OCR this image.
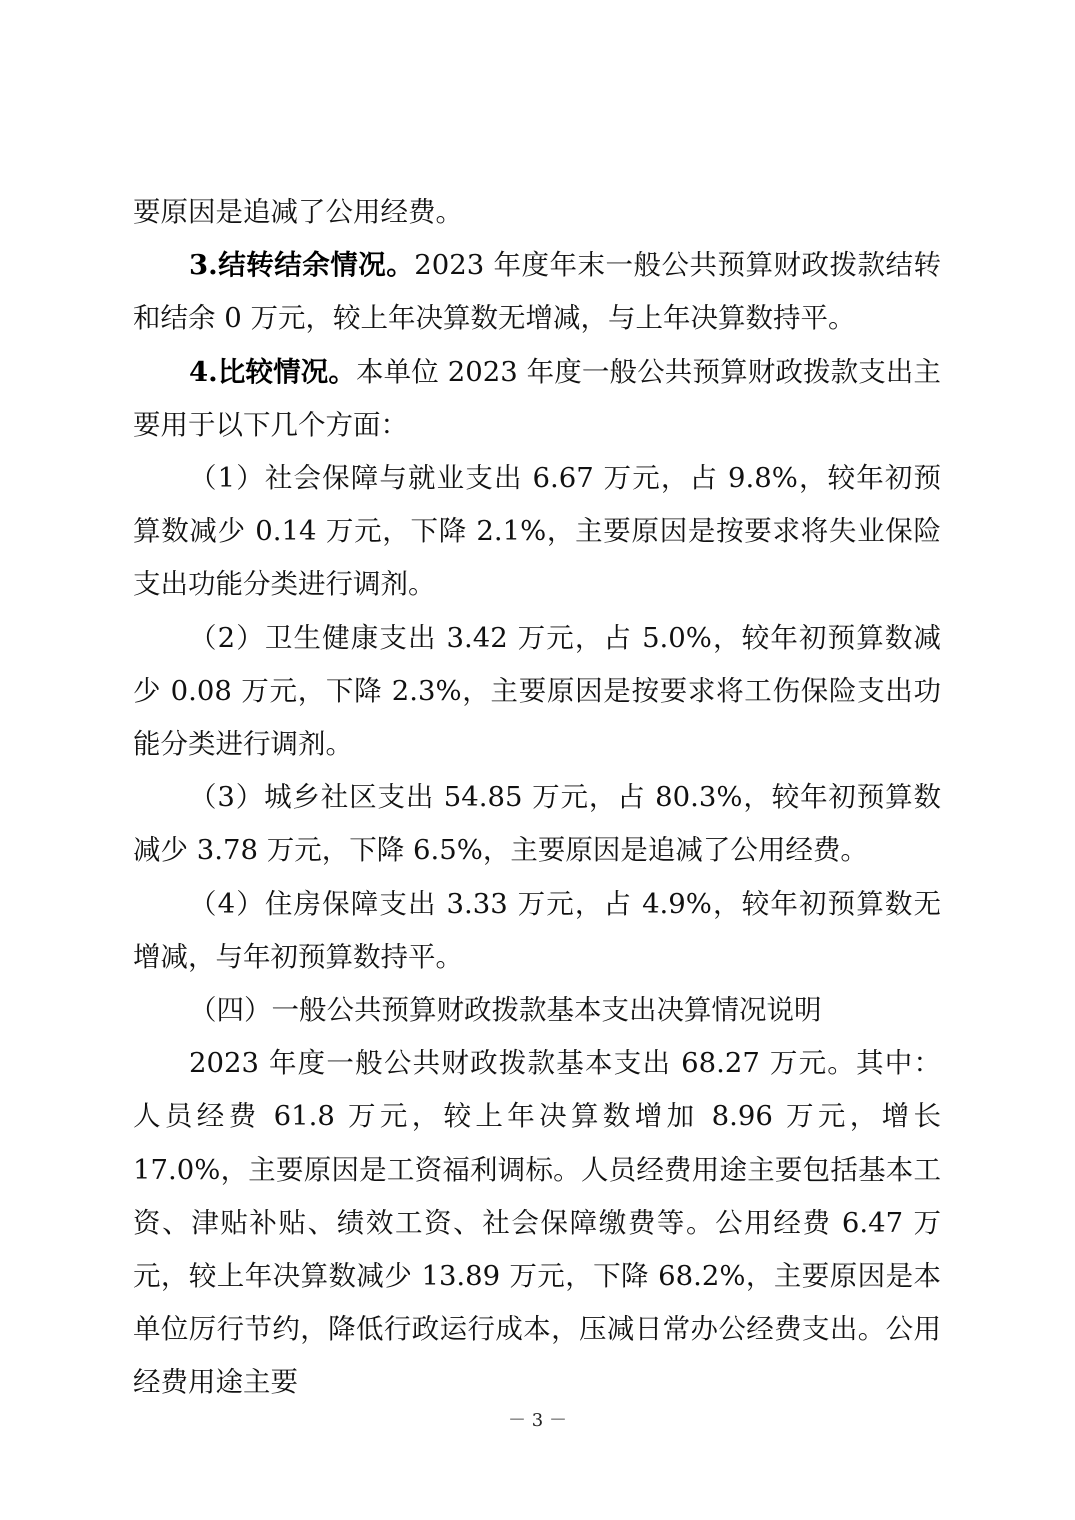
要原因是追减了公用经费。

3.结转结余情况。2023 年度年末一般公共预算财政拨款结转和结余 0 万元，较上年决算数无增减，与上年决算数持平。

4.比较情况。本单位 2023 年度一般公共预算财政拨款支出主要用于以下几个方面：

（1）社会保障与就业支出 6.67 万元，占 9.8%，较年初预算数减少 0.14 万元，下降 2.1%，主要原因是按要求将失业保险支出功能分类进行调剂。

（2）卫生健康支出 3.42 万元，占 5.0%，较年初预算数减少 0.08 万元，下降 2.3%，主要原因是按要求将工伤保险支出功能分类进行调剂。

（3）城乡社区支出 54.85 万元，占 80.3%，较年初预算数减少 3.78 万元，下降 6.5%，主要原因是追减了公用经费。

（4）住房保障支出 3.33 万元，占 4.9%，较年初预算数无增减，与年初预算数持平。

（四）一般公共预算财政拨款基本支出决算情况说明

2023 年度一般公共财政拨款基本支出 68.27 万元。其中：人员经费 61.8 万元，较上年决算数增加 8.96 万元，增长 17.0%，主要原因是工资福利调标。人员经费用途主要包括基本工资、津贴补贴、绩效工资、社会保障缴费等。公用经费 6.47 万元，较上年决算数减少 13.89 万元，下降 68.2%，主要原因是本单位厉行节约，降低行政运行成本，压减日常办公经费支出。公用经费用途主要

－ 3 －
